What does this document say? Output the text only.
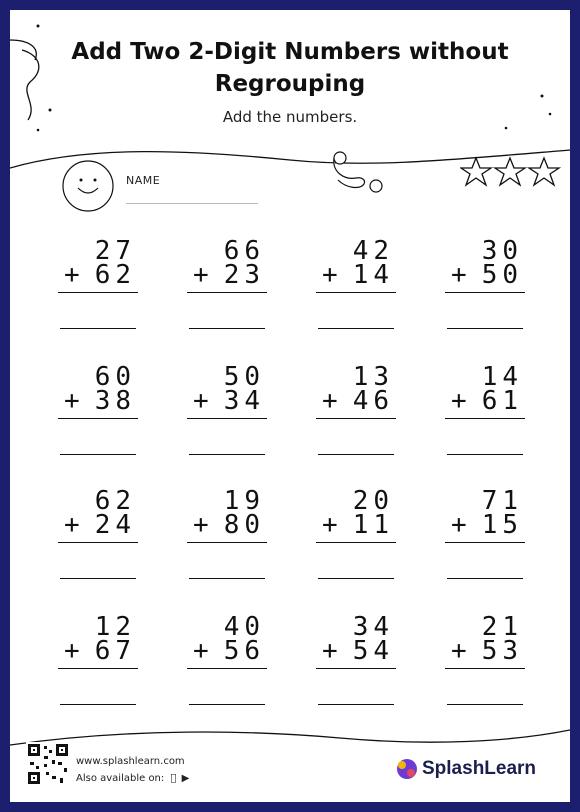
Add Two 2-Digit Numbers without Regrouping
Add the numbers.
NAME
27
+ 62
66
+ 23
42
+ 14
30
+ 50
60
+ 38
50
+ 34
13
+ 46
14
+ 61
62
+ 24
19
+ 80
20
+ 11
71
+ 15
12
+ 67
40
+ 56
34
+ 54
21
+ 53
www.splashlearn.com
Also available on: ▶	SplashLearn
